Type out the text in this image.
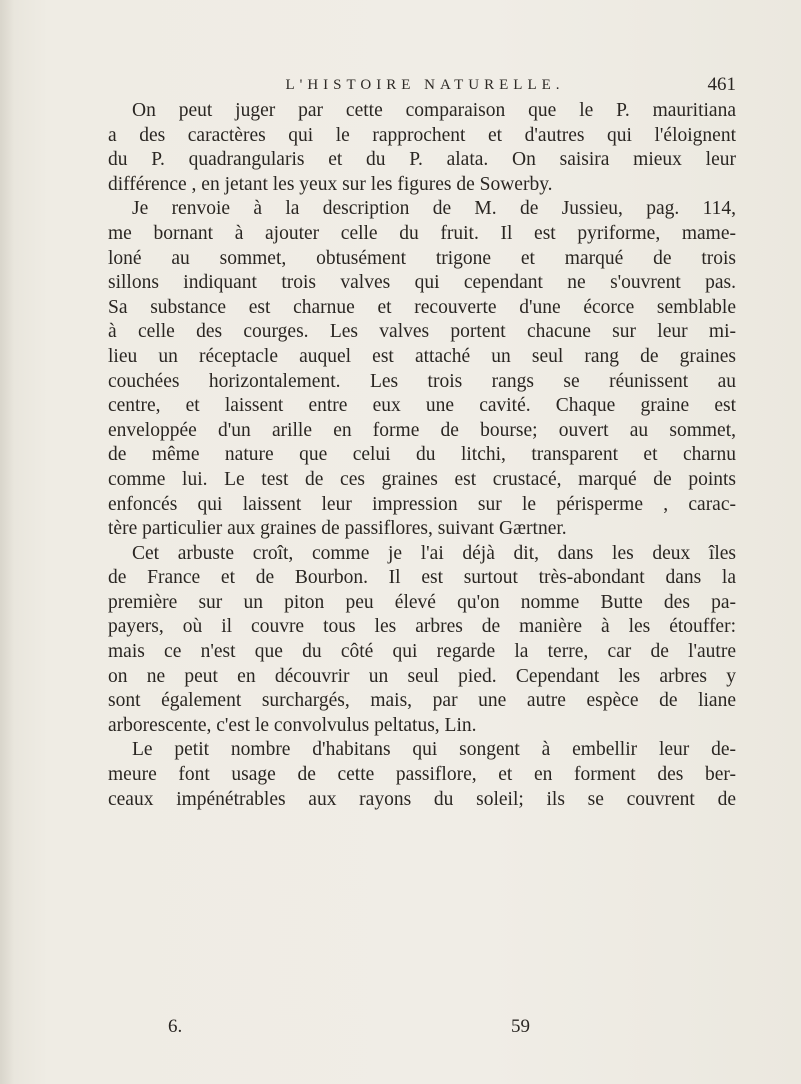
L'HISTOIRE NATURELLE.	461
On peut juger par cette comparaison que le P. mauritiana
a des caractères qui le rapprochent et d'autres qui l'éloignent
du P. quadrangularis et du P. alata. On saisira mieux leur
différence , en jetant les yeux sur les figures de Sowerby.
Je renvoie à la description de M. de Jussieu, pag. 114,
me bornant à ajouter celle du fruit. Il est pyriforme, mame-
loné au sommet, obtusément trigone et marqué de trois
sillons indiquant trois valves qui cependant ne s'ouvrent pas.
Sa substance est charnue et recouverte d'une écorce semblable
à celle des courges. Les valves portent chacune sur leur mi-
lieu un réceptacle auquel est attaché un seul rang de graines
couchées horizontalement. Les trois rangs se réunissent au
centre, et laissent entre eux une cavité. Chaque graine est
enveloppée d'un arille en forme de bourse; ouvert au sommet,
de même nature que celui du litchi, transparent et charnu
comme lui. Le test de ces graines est crustacé, marqué de points
enfoncés qui laissent leur impression sur le périsperme , carac-
tère particulier aux graines de passiflores, suivant Gærtner.
Cet arbuste croît, comme je l'ai déjà dit, dans les deux îles
de France et de Bourbon. Il est surtout très-abondant dans la
première sur un piton peu élevé qu'on nomme Butte des pa-
payers, où il couvre tous les arbres de manière à les étouffer:
mais ce n'est que du côté qui regarde la terre, car de l'autre
on ne peut en découvrir un seul pied. Cependant les arbres y
sont également surchargés, mais, par une autre espèce de liane
arborescente, c'est le convolvulus peltatus, Lin.
Le petit nombre d'habitans qui songent à embellir leur de-
meure font usage de cette passiflore, et en forment des ber-
ceaux impénétrables aux rayons du soleil; ils se couvrent de
6.	59
